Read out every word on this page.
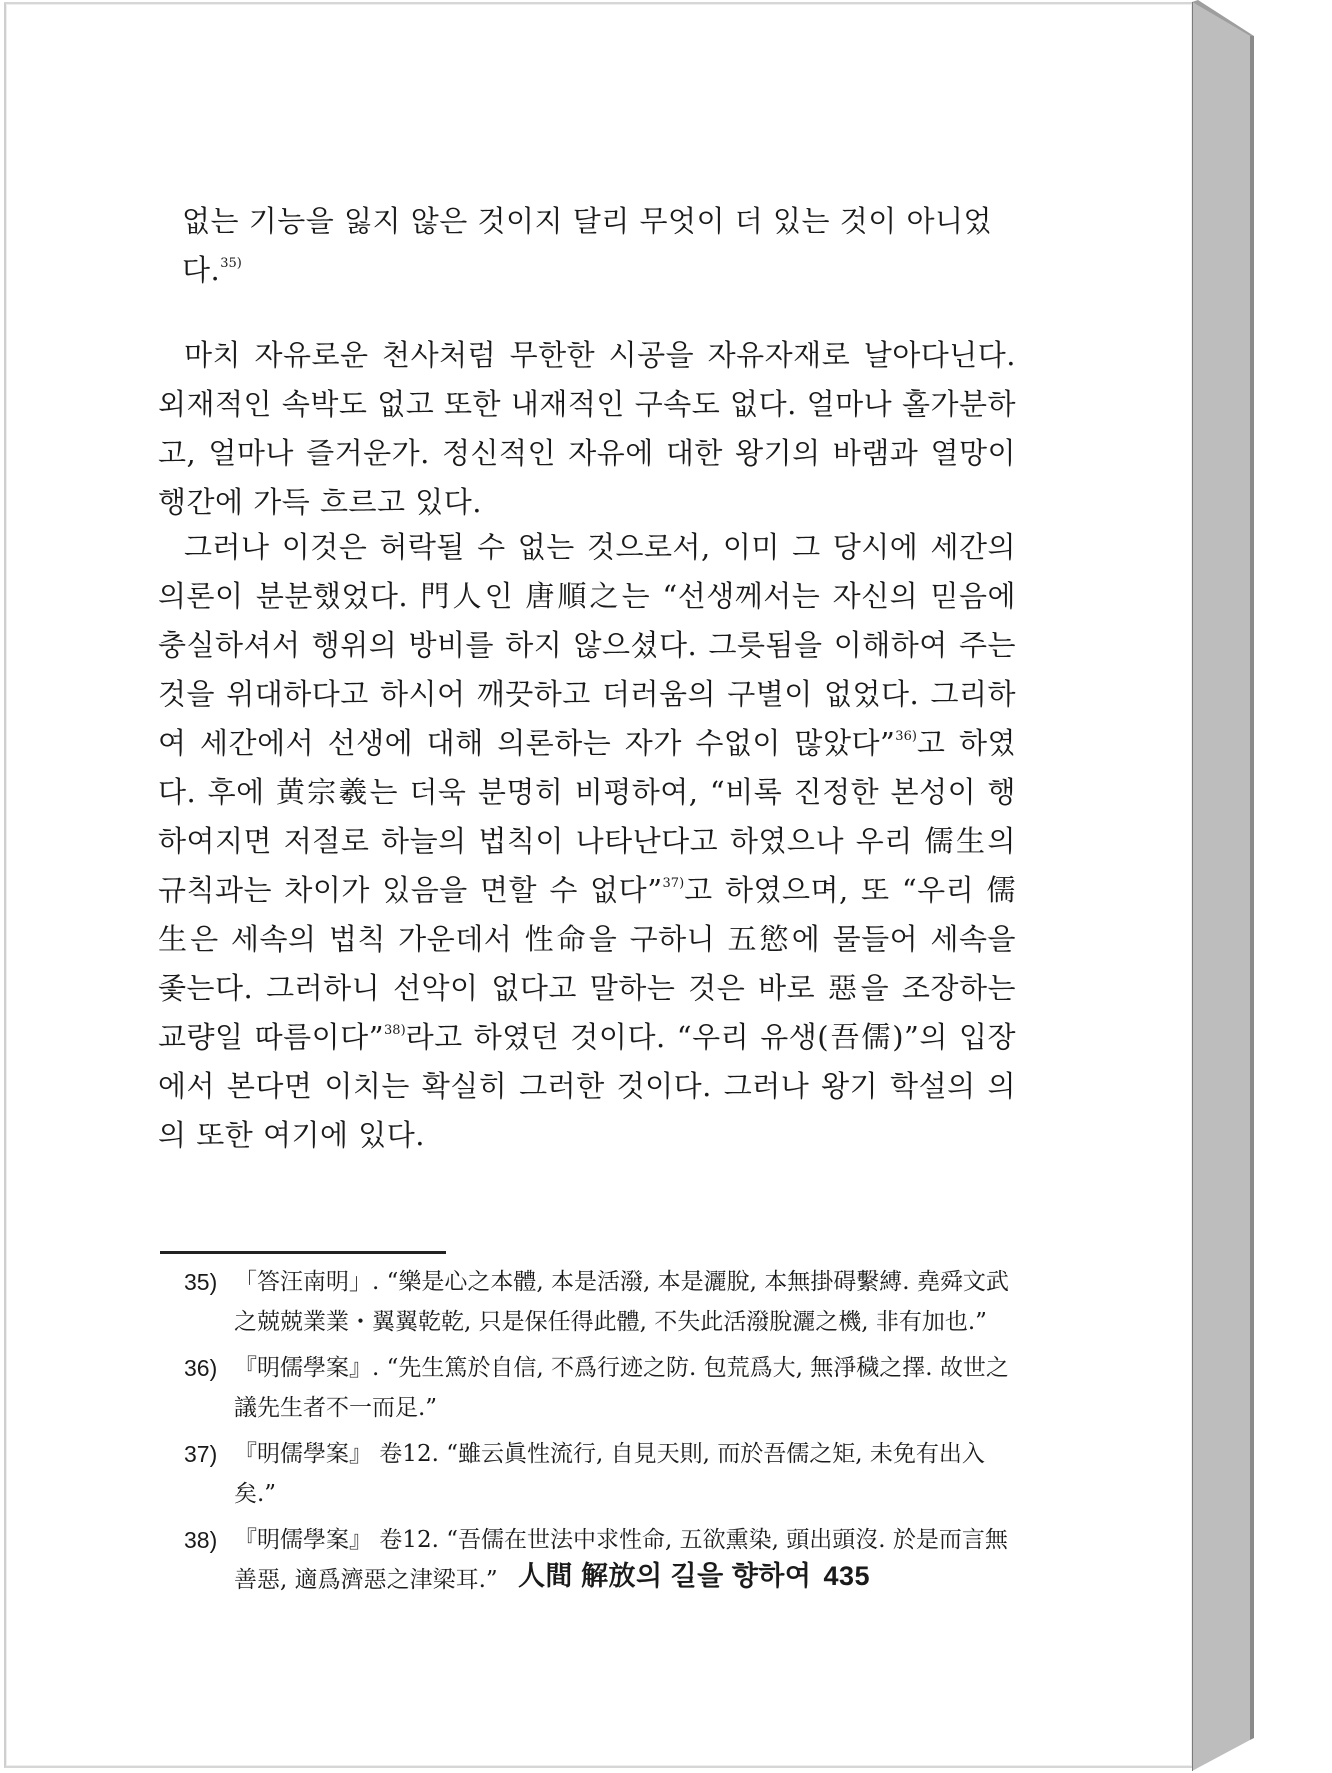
없는 기능을 잃지 않은 것이지 달리 무엇이 더 있는 것이 아니었
다.$^{35)}$

마치 자유로운 천사처럼 무한한 시공을 자유자재로 날아다닌다. 외재적인 속박도 없고 또한 내재적인 구속도 없다. 얼마나 홀가분하고, 얼마나 즐거운가. 정신적인 자유에 대한 왕기의 바램과 열망이 행간에 가득 흐르고 있다.

그러나 이것은 허락될 수 없는 것으로서, 이미 그 당시에 세간의 의론이 분분했었다. 門人인 唐順之는 “선생께서는 자신의 믿음에 충실하셔서 행위의 방비를 하지 않으셨다. 그릇됨을 이해하여 주는 것을 위대하다고 하시어 깨끗하고 더러움의 구별이 없었다. 그리하여 세간에서 선생에 대해 의론하는 자가 수없이 많았다”$^{36)}$고 하였다. 후에 黄宗羲는 더욱 분명히 비평하여, “비록 진정한 본성이 행하여지면 저절로 하늘의 법칙이 나타난다고 하였으나 우리 儒生의 규칙과는 차이가 있음을 면할 수 없다”$^{37)}$고 하였으며, 또 “우리 儒生은 세속의 법칙 가운데서 性命을 구하니 五慾에 물들어 세속을 좇는다. 그러하니 선악이 없다고 말하는 것은 바로 惡을 조장하는 교량일 따름이다”$^{38)}$라고 하였던 것이다. “우리 유생(吾儒)”의 입장에서 본다면 이치는 확실히 그러한 것이다. 그러나 왕기 학설의 의의 또한 여기에 있다.

35) 「答汪南明」. “樂是心之本體, 本是活潑, 本是灑脫, 本無掛碍繫縛. 堯舜文武之兢兢業業・翼翼乾乾, 只是保任得此體, 不失此活潑脫灑之機, 非有加也.”
36) 『明儒學案』. “先生篤於自信, 不爲行迹之防. 包荒爲大, 無淨穢之擇. 故世之議先生者不一而足.”
37) 『明儒學案』 卷12. “雖云眞性流行, 自見天則, 而於吾儒之矩, 未免有出入矣.”
38) 『明儒學案』 卷12. “吾儒在世法中求性命, 五欲熏染, 頭出頭沒. 於是而言無善惡, 適爲濟惡之津梁耳.” 人間 解放의 길을 향하여 435
